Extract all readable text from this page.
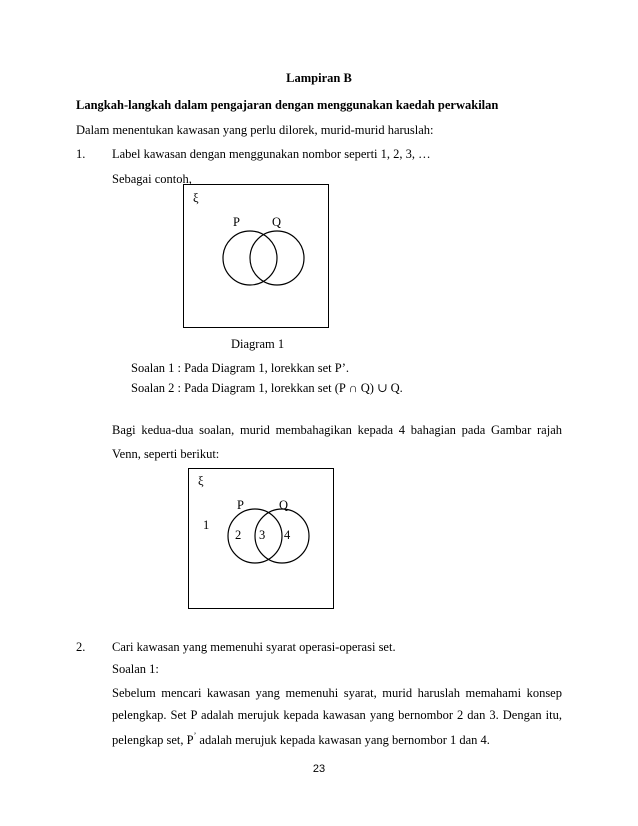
Lampiran B
Langkah-langkah dalam pengajaran dengan menggunakan kaedah perwakilan
Dalam menentukan kawasan yang perlu dilorek, murid-murid haruslah:
1. Label kawasan dengan menggunakan nombor seperti 1, 2, 3, …
Sebagai contoh,
ξ
P	Q
Diagram 1
Soalan 1 : Pada Diagram 1, lorekkan set P’.
Soalan 2 : Pada Diagram 1, lorekkan set (P ∩ Q) ∪ Q.
Bagi kedua-dua soalan, murid membahagikan kepada 4 bahagian pada Gambar rajah
Venn, seperti berikut:
ξ
P	Q
1
2 3 4
2. Cari kawasan yang memenuhi syarat operasi-operasi set.
Soalan 1:
Sebelum mencari kawasan yang memenuhi syarat, murid haruslah memahami konsep
pelengkap. Set P adalah merujuk kepada kawasan yang bernombor 2 dan 3. Dengan itu,
pelengkap set, P’ adalah merujuk kepada kawasan yang bernombor 1 dan 4.
23
